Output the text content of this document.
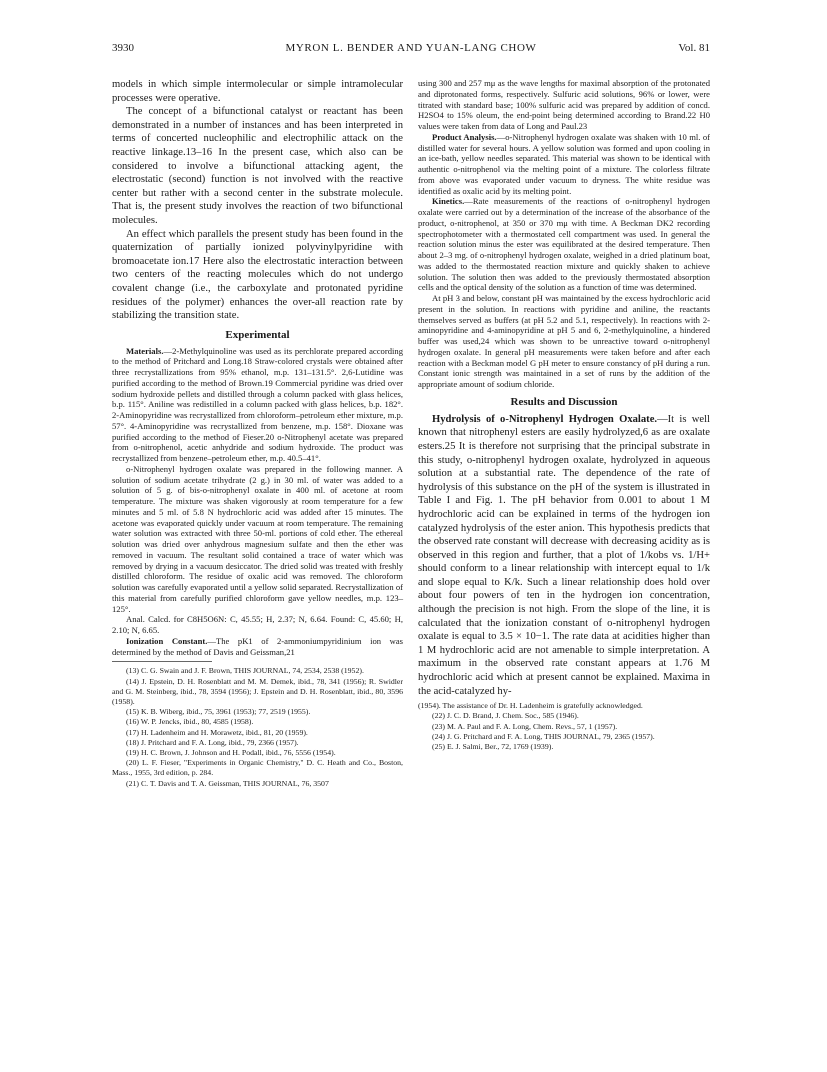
3930	MYRON L. BENDER AND YUAN-LANG CHOW	Vol. 81

models in which simple intermolecular or simple intramolecular processes were operative.

The concept of a bifunctional catalyst or reactant has been demonstrated in a number of instances and has been interpreted in terms of concerted nucleophilic and electrophilic attack on the reactive linkage.13–16 In the present case, which also can be considered to involve a bifunctional attacking agent, the electrostatic (second) function is not involved with the reactive center but rather with a second center in the substrate molecule. That is, the present study involves the reaction of two bifunctional molecules.

An effect which parallels the present study has been found in the quaternization of partially ionized polyvinylpyridine with bromoacetate ion.17 Here also the electrostatic interaction between two centers of the reacting molecules which do not undergo covalent change (i.e., the carboxylate and protonated pyridine residues of the polymer) enhances the over-all reaction rate by stabilizing the transition state.

Experimental

Materials.—2-Methylquinoline was used as its perchlorate prepared according to the method of Pritchard and Long.18 Straw-colored crystals were obtained after three recrystallizations from 95% ethanol, m.p. 131–131.5°. 2,6-Lutidine was purified according to the method of Brown.19 Commercial pyridine was dried over sodium hydroxide pellets and distilled through a column packed with glass helices, b.p. 115°. Aniline was redistilled in a column packed with glass helices, b.p. 182°. 2-Aminopyridine was recrystallized from chloroform–petroleum ether mixture, m.p. 57°. 4-Aminopyridine was recrystallized from benzene, m.p. 158°. Dioxane was purified according to the method of Fieser.20 o-Nitrophenyl acetate was prepared from o-nitrophenol, acetic anhydride and sodium hydroxide. The product was recrystallized from benzene–petroleum ether, m.p. 40.5–41°.

o-Nitrophenyl hydrogen oxalate was prepared in the following manner. A solution of sodium acetate trihydrate (2 g.) in 30 ml. of water was added to a solution of 5 g. of bis-o-nitrophenyl oxalate in 400 ml. of acetone at room temperature. The mixture was shaken vigorously at room temperature for a few minutes and 5 ml. of 5.8 N hydrochloric acid was added after 15 minutes. The acetone was evaporated quickly under vacuum at room temperature. The remaining water solution was extracted with three 50-ml. portions of cold ether. The ethereal solution was dried over anhydrous magnesium sulfate and then the ether was removed in vacuum. The resultant solid contained a trace of water which was removed by drying in a vacuum desiccator. The dried solid was treated with freshly distilled chloroform. The residue of oxalic acid was removed. The chloroform solution was carefully evaporated until a yellow solid separated. Recrystallization of this material from carefully purified chloroform gave yellow needles, m.p. 123–125°.

Anal. Calcd. for C8H5O6N: C, 45.55; H, 2.37; N, 6.64. Found: C, 45.60; H, 2.10; N, 6.65.

Ionization Constant.—The pK1 of 2-ammoniumpyridinium ion was determined by the method of Davis and Geissman,21

(13) C. G. Swain and J. F. Brown, THIS JOURNAL, 74, 2534, 2538 (1952).

(14) J. Epstein, D. H. Rosenblatt and M. M. Demek, ibid., 78, 341 (1956); R. Swidler and G. M. Steinberg, ibid., 78, 3594 (1956); J. Epstein and D. H. Rosenblatt, ibid., 80, 3596 (1958).

(15) K. B. Wiberg, ibid., 75, 3961 (1953); 77, 2519 (1955).

(16) W. P. Jencks, ibid., 80, 4585 (1958).

(17) H. Ladenheim and H. Morawetz, ibid., 81, 20 (1959).

(18) J. Pritchard and F. A. Long, ibid., 79, 2366 (1957).

(19) H. C. Brown, J. Johnson and H. Podall, ibid., 76, 5556 (1954).

(20) L. F. Fieser, "Experiments in Organic Chemistry," D. C. Heath and Co., Boston, Mass., 1955, 3rd edition, p. 284.

(21) C. T. Davis and T. A. Geissman, THIS JOURNAL, 76, 3507

using 300 and 257 mμ as the wave lengths for maximal absorption of the protonated and diprotonated forms, respectively. Sulfuric acid solutions, 96% or lower, were titrated with standard base; 100% sulfuric acid was prepared by addition of concd. H2SO4 to 15% oleum, the end-point being determined according to Brand.22 H0 values were taken from data of Long and Paul.23

Product Analysis.—o-Nitrophenyl hydrogen oxalate was shaken with 10 ml. of distilled water for several hours. A yellow solution was formed and upon cooling in an ice-bath, yellow needles separated. This material was shown to be identical with authentic o-nitrophenol via the melting point of a mixture. The colorless filtrate from above was evaporated under vacuum to dryness. The white residue was identified as oxalic acid by its melting point.

Kinetics.—Rate measurements of the reactions of o-nitrophenyl hydrogen oxalate were carried out by a determination of the increase of the absorbance of the product, o-nitrophenol, at 350 or 370 mμ with time. A Beckman DK2 recording spectrophotometer with a thermostated cell compartment was used. In general the reaction solution minus the ester was equilibrated at the desired temperature. Then about 2–3 mg. of o-nitrophenyl hydrogen oxalate, weighed in a dried platinum boat, was added to the thermostated reaction mixture and quickly shaken to achieve solution. The solution then was added to the previously thermostated absorption cells and the optical density of the solution as a function of time was determined.

At pH 3 and below, constant pH was maintained by the excess hydrochloric acid present in the solution. In reactions with pyridine and aniline, the reactants themselves served as buffers (at pH 5.2 and 5.1, respectively). In reactions with 2-aminopyridine and 4-aminopyridine at pH 5 and 6, 2-methylquinoline, a hindered buffer was used,24 which was shown to be unreactive toward o-nitrophenyl hydrogen oxalate. In general pH measurements were taken before and after each reaction with a Beckman model G pH meter to ensure constancy of pH during a run. Constant ionic strength was maintained in a set of runs by the addition of the appropriate amount of sodium chloride.

Results and Discussion

Hydrolysis of o-Nitrophenyl Hydrogen Oxalate.—It is well known that nitrophenyl esters are easily hydrolyzed,6 as are oxalate esters.25 It is therefore not surprising that the principal substrate in this study, o-nitrophenyl hydrogen oxalate, hydrolyzed in aqueous solution at a substantial rate. The dependence of the rate of hydrolysis of this substance on the pH of the system is illustrated in Table I and Fig. 1. The pH behavior from 0.001 to about 1 M hydrochloric acid can be explained in terms of the hydrogen ion catalyzed hydrolysis of the ester anion. This hypothesis predicts that the observed rate constant will decrease with decreasing acidity as is observed in this region and further, that a plot of 1/kobs vs. 1/H+ should conform to a linear relationship with intercept equal to 1/k and slope equal to K/k. Such a linear relationship does hold over about four powers of ten in the hydrogen ion concentration, although the precision is not high. From the slope of the line, it is calculated that the ionization constant of o-nitrophenyl hydrogen oxalate is equal to 3.5 × 10−1. The rate data at acidities higher than 1 M hydrochloric acid are not amenable to simple interpretation. A maximum in the observed rate constant appears at 1.76 M hydrochloric acid which at present cannot be explained. Maxima in the acid-catalyzed hy-

(1954). The assistance of Dr. H. Ladenheim is gratefully acknowledged.

(22) J. C. D. Brand, J. Chem. Soc., 585 (1946).

(23) M. A. Paul and F. A. Long, Chem. Revs., 57, 1 (1957).

(24) J. G. Pritchard and F. A. Long, THIS JOURNAL, 79, 2365 (1957).

(25) E. J. Salmi, Ber., 72, 1769 (1939).
